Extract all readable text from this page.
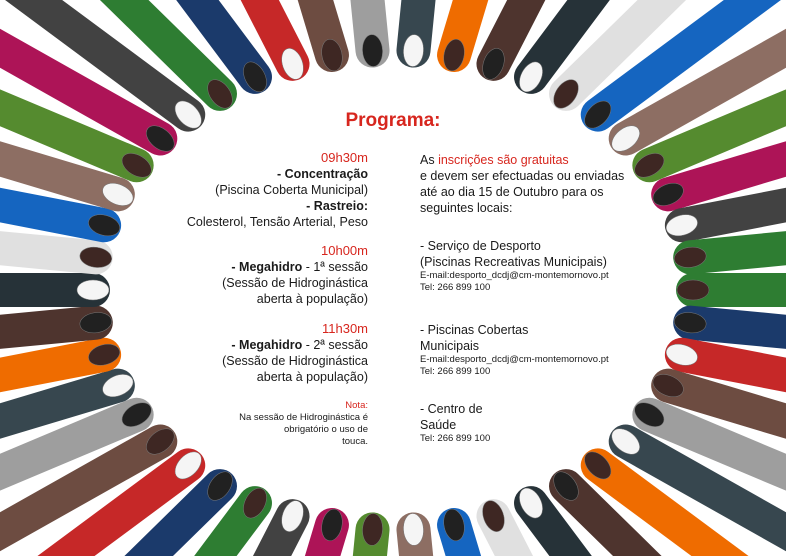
Programa:
09h30m
- Concentração
(Piscina Coberta Municipal)
- Rastreio:
Colesterol, Tensão Arterial, Peso
10h00m
- Megahidro - 1ª sessão
(Sessão de Hidroginástica
aberta à população)
11h30m
- Megahidro - 2ª sessão
(Sessão de Hidroginástica
aberta à população)
Nota:
Na sessão de Hidroginástica é
obrigatório o uso de
touca.
As inscrições são gratuitas
e devem ser efectuadas ou enviadas
até ao dia 15 de Outubro para os
seguintes locais:
- Serviço de Desporto
(Piscinas Recreativas Municipais)
E-mail:desporto_dcdj@cm-montemornovo.pt
Tel: 266 899 100
- Piscinas Cobertas
Municipais
E-mail:desporto_dcdj@cm-montemornovo.pt
Tel: 266 899 100
- Centro de
Saúde
Tel: 266 899 100
